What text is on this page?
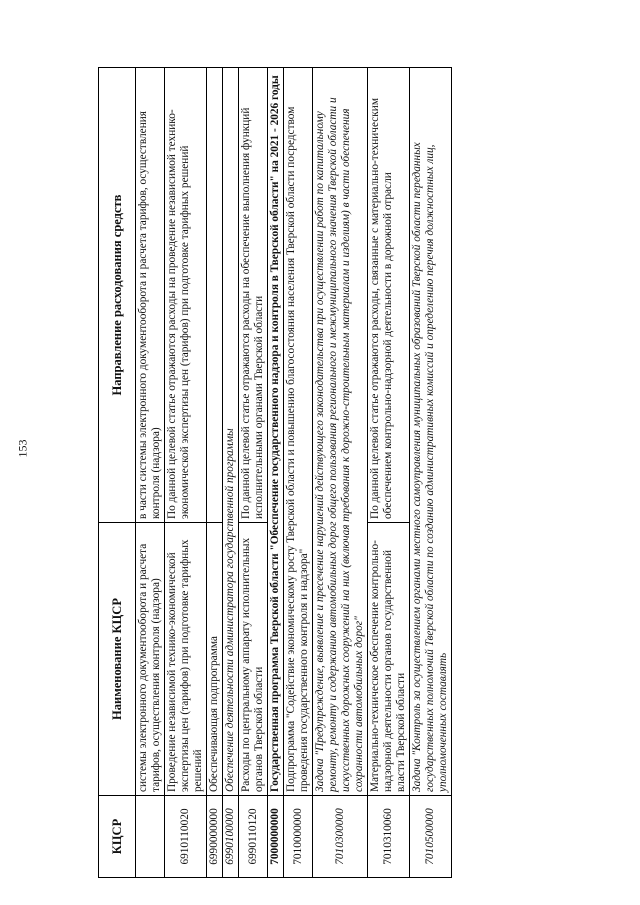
153
КЦСР	Наименование КЦСР	Направление расходования средств
	системы электронного документооборота и расчета тарифов, осуществления контроля (надзора)	в части системы электронного документооборота и расчета тарифов, осуществления контроля (надзора)
6910110020	Проведение независимой технико-экономической экспертизы цен (тарифов) при подготовке тарифных решений	По данной целевой статье отражаются расходы на проведение независимой технико-экономической экспертизы цен (тарифов) при подготовке тарифных решений
6990000000	Обеспечивающая подпрограмма	
6990100000	Обеспечение деятельности администратора государственной программы	
6990110120	Расходы по центральному аппарату исполнительных органов Тверской области	По данной целевой статье отражаются расходы на обеспечение выполнения функций исполнительными органами Тверской области
7000000000	Государственная программа Тверской области "Обеспечение государственного надзора и контроля в Тверской области" на 2021 - 2026 годы	
7010000000	Подпрограмма "Содействие экономическому росту Тверской области и повышению благосостояния населения Тверской области посредством проведения государственного контроля и надзора"	
7010300000	Задача "Предупреждение, выявление и пресечение нарушений действующего законодательства при осуществлении работ по капитальному ремонту, ремонту и содержанию автомобильных дорог общего пользования регионального и межмуниципального значения Тверской области и искусственных дорожных сооружений на них (включая требования к дорожно-строительным материалам и изделиям) в части обеспечения сохранности автомобильных дорог"	
7010310060	Материально-техническое обеспечение контрольно-надзорной деятельности органов государственной власти Тверской области	По данной целевой статье отражаются расходы, связанные с материально-техническим обеспечением контрольно-надзорной деятельности в дорожной отрасли
7010500000	Задача "Контроль за осуществлением органами местного самоуправления муниципальных образований Тверской области переданных государственных полномочий Тверской области по созданию административных комиссий и определению перечня должностных лиц, уполномоченных составлять	
